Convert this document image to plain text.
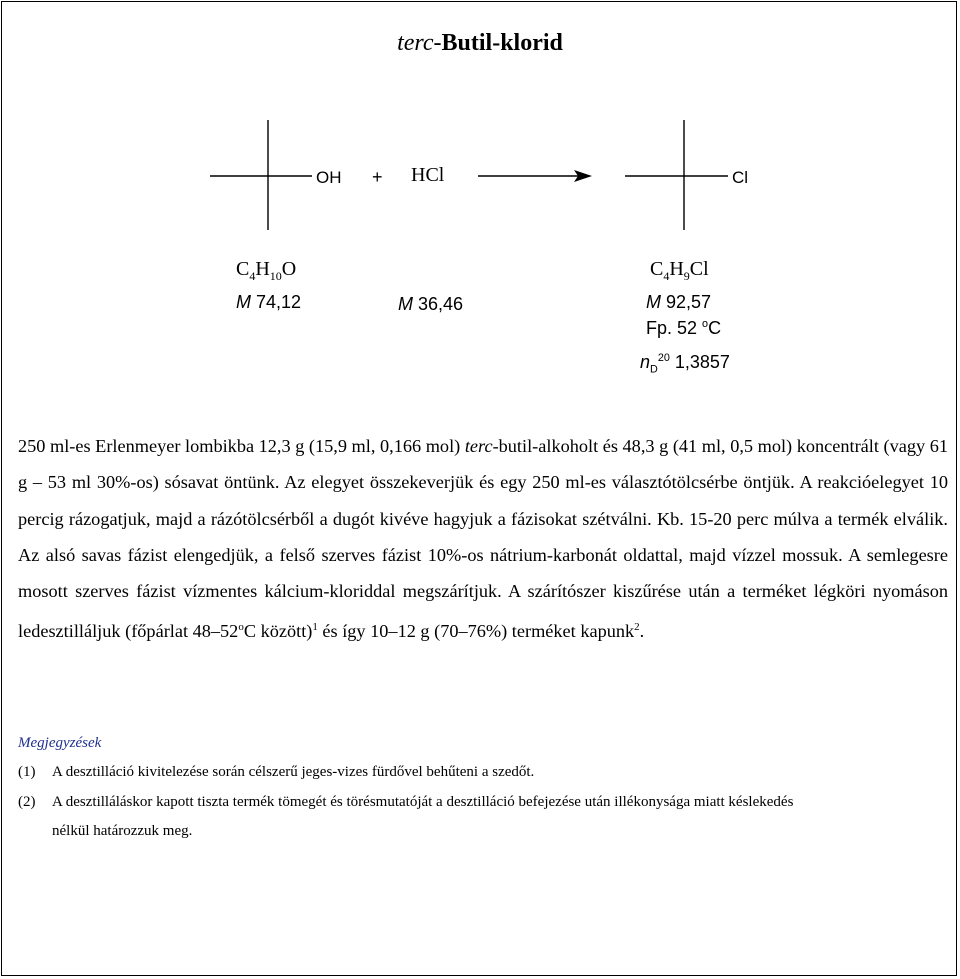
terc-Butil-klorid
OH + HCl	Cl
$C_4H_{10}O$
M 74,12	M 36,46
$C_4H_9Cl$
M 92,57
Fp. 52 $^o$C
$n_D^{20}$ 1,3857
250 ml-es Erlenmeyer lombikba 12,3 g (15,9 ml, 0,166 mol) terc-butil-alkoholt és 48,3 g (41 ml, 0,5 mol) koncentrált (vagy 61 g – 53 ml 30%-os) sósavat öntünk. Az elegyet összekeverjük és egy 250 ml-es választótölcsérbe öntjük. A reakcióelegyet 10 percig rázogatjuk, majd a rázótölcsérből a dugót kivéve hagyjuk a fázisokat szétválni. Kb. 15-20 perc múlva a termék elválik. Az alsó savas fázist elengedjük, a felső szerves fázist 10%-os nátrium-karbonát oldattal, majd vízzel mossuk. A semlegesre mosott szerves fázist vízmentes kálcium-kloriddal megszárítjuk. A szárítószer kiszűrése után a terméket légköri nyomáson ledesztilláljuk (főpárlat 48–52$^o$C között)$^1$ és így 10–12 g (70–76%) terméket kapunk$^2$.
Megjegyzések
(1) A desztilláció kivitelezése során célszerű jeges-vizes fürdővel behűteni a szedőt.
(2) A desztilláláskor kapott tiszta termék tömegét és törésmutatóját a desztilláció befejezése után illékonysága miatt késlekedés
nélkül határozzuk meg.
